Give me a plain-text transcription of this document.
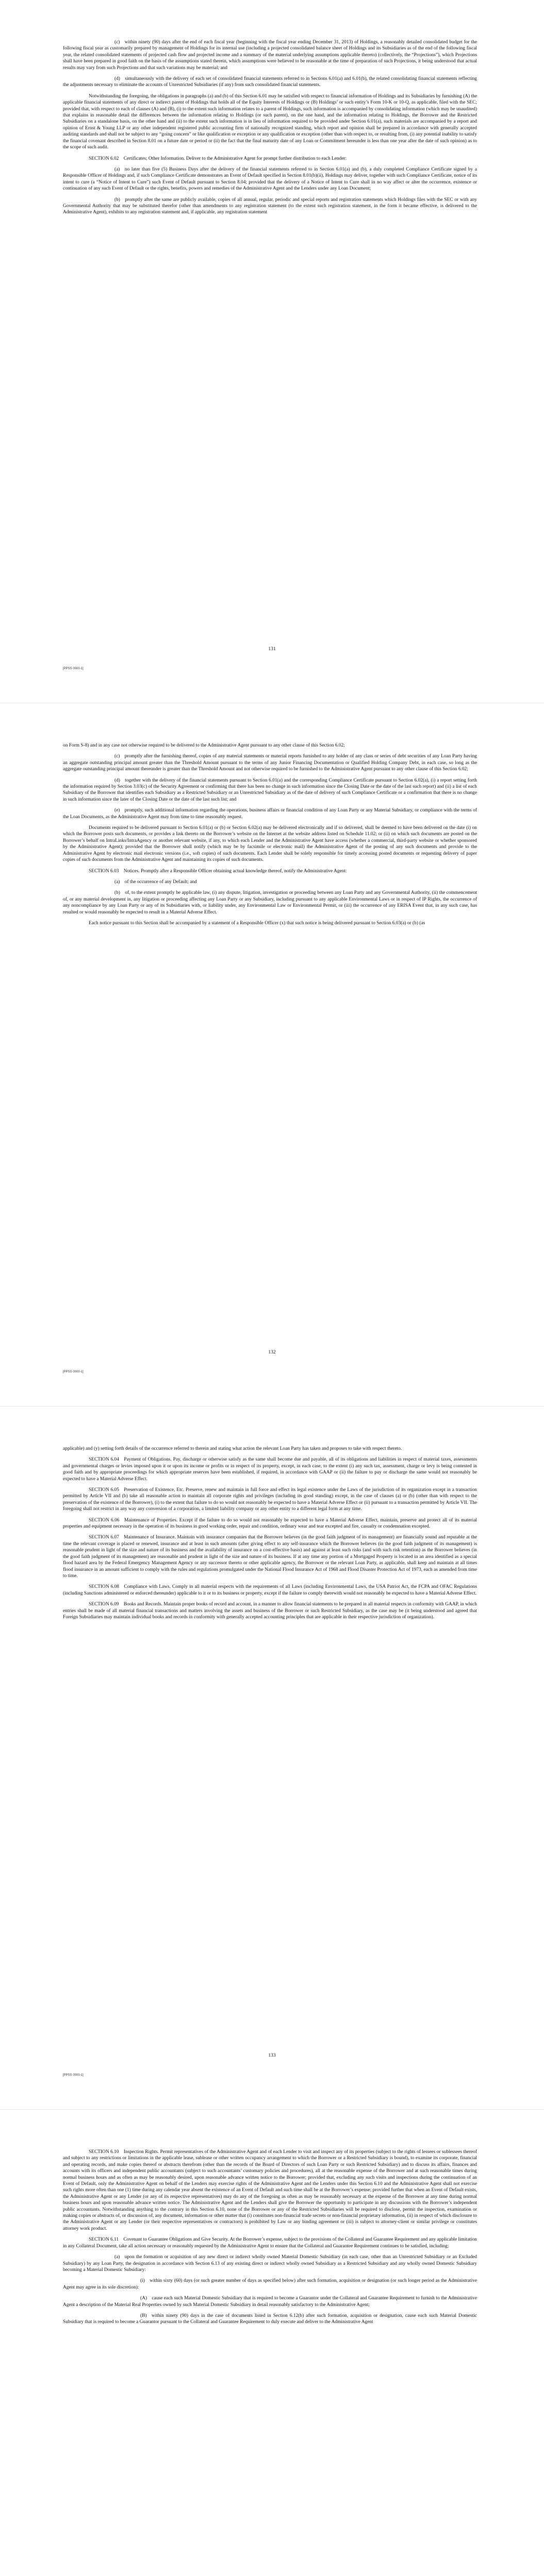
(c) within ninety (90) days after the end of each fiscal year (beginning with the fiscal year ending December 31, 2013) of Holdings, a reasonably detailed consolidated budget for the following fiscal year as customarily prepared by management of Holdings for its internal use (including a projected consolidated balance sheet of Holdings and its Subsidiaries as of the end of the following fiscal year, the related consolidated statements of projected cash flow and projected income and a summary of the material underlying assumptions applicable thereto) (collectively, the “Projections”), which Projections shall have been prepared in good faith on the basis of the assumptions stated therein, which assumptions were believed to be reasonable at the time of preparation of such Projections, it being understood that actual results may vary from such Projections and that such variations may be material; and

(d) simultaneously with the delivery of each set of consolidated financial statements referred to in Sections 6.01(a) and 6.01(b), the related consolidating financial statements reflecting the adjustments necessary to eliminate the accounts of Unrestricted Subsidiaries (if any) from such consolidated financial statements.

Notwithstanding the foregoing, the obligations in paragraphs (a) and (b) of this Section 6.01 may be satisfied with respect to financial information of Holdings and its Subsidiaries by furnishing (A) the applicable financial statements of any direct or indirect parent of Holdings that holds all of the Equity Interests of Holdings or (B) Holdings’ or such entity’s Form 10-K or 10-Q, as applicable, filed with the SEC; provided that, with respect to each of clauses (A) and (B), (i) to the extent such information relates to a parent of Holdings, such information is accompanied by consolidating information (which may be unaudited) that explains in reasonable detail the differences between the information relating to Holdings (or such parent), on the one hand, and the information relating to Holdings, the Borrower and the Restricted Subsidiaries on a standalone basis, on the other hand and (ii) to the extent such information is in lieu of information required to be provided under Section 6.01(a), such materials are accompanied by a report and opinion of Ernst & Young LLP or any other independent registered public accounting firm of nationally recognized standing, which report and opinion shall be prepared in accordance with generally accepted auditing standards and shall not be subject to any “going concern” or like qualification or exception or any qualification or exception (other than with respect to, or resulting from, (i) any potential inability to satisfy the financial covenant described in Section 8.01 on a future date or period or (ii) the fact that the final maturity date of any Loan or Commitment hereunder is less than one year after the date of such opinion) as to the scope of such audit.

SECTION 6.02 Certificates; Other Information. Deliver to the Administrative Agent for prompt further distribution to each Lender:

(a) no later than five (5) Business Days after the delivery of the financial statements referred to in Section 6.01(a) and (b), a duly completed Compliance Certificate signed by a Responsible Officer of Holdings and, if such Compliance Certificate demonstrates an Event of Default specified in Section 8.01(b)(ii), Holdings may deliver, together with such Compliance Certificate, notice of its intent to cure (a “Notice of Intent to Cure”) such Event of Default pursuant to Section 8.04; provided that the delivery of a Notice of Intent to Cure shall in no way affect or alter the occurrence, existence or continuation of any such Event of Default or the rights, benefits, powers and remedies of the Administrative Agent and the Lenders under any Loan Document;

(b) promptly after the same are publicly available, copies of all annual, regular, periodic and special reports and registration statements which Holdings files with the SEC or with any Governmental Authority that may be substituted therefor (other than amendments to any registration statement (to the extent such registration statement, in the form it became effective, is delivered to the Administrative Agent), exhibits to any registration statement and, if applicable, any registration statement

131
[PPSS 0000-1]

on Form S-8) and in any case not otherwise required to be delivered to the Administrative Agent pursuant to any other clause of this Section 6.02;

(c) promptly after the furnishing thereof, copies of any material statements or material reports furnished to any holder of any class or series of debt securities of any Loan Party having an aggregate outstanding principal amount greater than the Threshold Amount pursuant to the terms of any Junior Financing Documentation or Qualified Holding Company Debt, in each case, so long as the aggregate outstanding principal amount thereunder is greater than the Threshold Amount and not otherwise required to be furnished to the Administrative Agent pursuant to any other clause of this Section 6.02;

(d) together with the delivery of the financial statements pursuant to Section 6.01(a) and the corresponding Compliance Certificate pursuant to Section 6.02(a), (i) a report setting forth the information required by Section 3.03(c) of the Security Agreement or confirming that there has been no change in such information since the Closing Date or the date of the last such report) and (ii) a list of each Subsidiary of the Borrower that identifies each Subsidiary as a Restricted Subsidiary or an Unrestricted Subsidiary as of the date of delivery of such Compliance Certificate or a confirmation that there is no change in such information since the later of the Closing Date or the date of the last such list; and

(e) promptly, such additional information regarding the operations, business affairs or financial condition of any Loan Party or any Material Subsidiary, or compliance with the terms of the Loan Documents, as the Administrative Agent may from time to time reasonably request.

Documents required to be delivered pursuant to Section 6.01(a) or (b) or Section 6.02(a) may be delivered electronically and if so delivered, shall be deemed to have been delivered on the date (i) on which the Borrower posts such documents, or provides a link thereto on the Borrower’s website on the Internet at the website address listed on Schedule 11.02; or (ii) on which such documents are posted on the Borrower’s behalf on IntraLinks/IntraAgency or another relevant website, if any, to which each Lender and the Administrative Agent have access (whether a commercial, third-party website or whether sponsored by the Administrative Agent); provided that the Borrower shall notify (which may be by facsimile or electronic mail) the Administrative Agent of the posting of any such documents and provide to the Administrative Agent by electronic mail electronic versions (i.e., soft copies) of such documents. Each Lender shall be solely responsible for timely accessing posted documents or requesting delivery of paper copies of such documents from the Administrative Agent and maintaining its copies of such documents.

SECTION 6.03 Notices. Promptly after a Responsible Officer obtaining actual knowledge thereof, notify the Administrative Agent:

(a) of the occurrence of any Default; and

(b) of, to the extent promptly be applicable law, (i) any dispute, litigation, investigation or proceeding between any Loan Party and any Governmental Authority, (ii) the commencement of, or any material development in, any litigation or proceeding affecting any Loan Party or any Subsidiary, including pursuant to any applicable Environmental Laws or in respect of IP Rights, the occurrence of any noncompliance by any Loan Party or any of its Subsidiaries with, or liability under, any Environmental Law or Environmental Permit, or (iii) the occurrence of any ERISA Event that, in any such case, has resulted or would reasonably be expected to result in a Material Adverse Effect.

Each notice pursuant to this Section shall be accompanied by a statement of a Responsible Officer (x) that such notice is being delivered pursuant to Section 6.03(a) or (b) (as

132
[PPSS 0000-1]

applicable) and (y) setting forth details of the occurrence referred to therein and stating what action the relevant Loan Party has taken and proposes to take with respect thereto.

SECTION 6.04 Payment of Obligations. Pay, discharge or otherwise satisfy as the same shall become due and payable, all of its obligations and liabilities in respect of material taxes, assessments and governmental charges or levies imposed upon it or upon its income or profits or in respect of its property, except, in each case, to the extent (i) any such tax, assessment, charge or levy is being contested in good faith and by appropriate proceedings for which appropriate reserves have been established, if required, in accordance with GAAP or (ii) the failure to pay or discharge the same would not reasonably be expected to have a Material Adverse Effect.

SECTION 6.05 Preservation of Existence, Etc. Preserve, renew and maintain in full force and effect its legal existence under the Laws of the jurisdiction of its organization except in a transaction permitted by Article VII and (b) take all reasonable action to maintain all corporate rights and privileges (including its good standing) except, in the case of clauses (a) or (b) (other than with respect to the preservation of the existence of the Borrower), (i) to the extent that failure to do so would not reasonably be expected to have a Material Adverse Effect or (ii) pursuant to a transaction permitted by Article VII. The foregoing shall not restrict in any way any conversion of a corporation, a limited liability company or any other entity to a different legal form at any time.

SECTION 6.06 Maintenance of Properties. Except if the failure to do so would not reasonably be expected to have a Material Adverse Effect, maintain, preserve and protect all of its material properties and equipment necessary in the operation of its business in good working order, repair and condition, ordinary wear and tear excepted and fire, casualty or condemnation excepted.

SECTION 6.07 Maintenance of Insurance. Maintain with insurance companies that the Borrower believes (in the good faith judgment of its management) are financially sound and reputable at the time the relevant coverage is placed or renewed, insurance and at least in such amounts (after giving effect to any self-insurance which the Borrower believes (in the good faith judgment of its management) is reasonable prudent in light of the size and nature of its business and the availability of insurance on a cost-effective basis) and against at least such risks (and with such risk retention) as the Borrower believes (in the good faith judgment of its management) are reasonable and prudent in light of the size and nature of its business. If at any time any portion of a Mortgaged Property is located in an area identified as a special flood hazard area by the Federal Emergency Management Agency or any successor thereto or other applicable agency, the Borrower or the relevant Loan Party, as applicable, shall keep and maintain at all times flood insurance in an amount sufficient to comply with the rules and regulations promulgated under the National Flood Insurance Act of 1968 and Flood Disaster Protection Act of 1973, each as amended from time to time.

SECTION 6.08 Compliance with Laws. Comply in all material respects with the requirements of all Laws (including Environmental Laws, the USA Patriot Act, the FCPA and OFAC Regulations (including Sanctions administered or enforced thereunder) applicable to it or to its business or property, except if the failure to comply therewith would not reasonably be expected to have a Material Adverse Effect.

SECTION 6.09 Books and Records. Maintain proper books of record and account, in a manner to allow financial statements to be prepared in all material respects in conformity with GAAP, in which entries shall be made of all material financial transactions and matters involving the assets and business of the Borrower or such Restricted Subsidiary, as the case may be (it being understood and agreed that Foreign Subsidiaries may maintain individual books and records in conformity with generally accepted accounting principles that are applicable in their respective jurisdiction of organization).

133
[PPSS 0000-1]

SECTION 6.10 Inspection Rights. Permit representatives of the Administrative Agent and of each Lender to visit and inspect any of its properties (subject to the rights of lessees or sublessees thereof and subject to any restrictions or limitations in the applicable lease, sublease or other written occupancy arrangement to which the Borrower or a Restricted Subsidiary is bound), to examine its corporate, financial and operating records, and make copies thereof or abstracts therefrom (other than the records of the Board of Directors of such Loan Party or such Restricted Subsidiary) and to discuss its affairs, finances and accounts with its officers and independent public accountants (subject to such accountants’ customary policies and procedures), all at the reasonable expense of the Borrower and at such reasonable times during normal business hours and as often as may be reasonably desired, upon reasonable advance written notice to the Borrower; provided that, excluding any such visits and inspections during the continuation of an Event of Default, only the Administrative Agent on behalf of the Lenders may exercise rights of the Administrative Agent and the Lenders under this Section 6.10 and the Administrative Agent shall not exercise such rights more often than one (1) time during any calendar year absent the existence of an Event of Default and such time shall be at the Borrower’s expense; provided further that when an Event of Default exists, the Administrative Agent or any Lender (or any of its respective representatives) may do any of the foregoing as often as may be reasonably necessary at the expense of the Borrower at any time during normal business hours and upon reasonable advance written notice. The Administrative Agent and the Lenders shall give the Borrower the opportunity to participate in any discussions with the Borrower’s independent public accountants. Notwithstanding anything to the contrary in this Section 6.10, none of the Borrower or any of the Restricted Subsidiaries will be required to disclose, permit the inspection, examination or making copies or abstracts of, or discussion of, any document, information or other matter that (i) constitutes non-financial trade secrets or non-financial proprietary information, (ii) in respect of which disclosure to the Administrative Agent or any Lender (or their respective representatives or contractors) is prohibited by Law or any binding agreement or (iii) is subject to attorney-client or similar privilege or constitutes attorney work product.

SECTION 6.11 Covenant to Guarantee Obligations and Give Security. At the Borrower’s expense, subject to the provisions of the Collateral and Guarantee Requirement and any applicable limitation in any Collateral Document, take all action necessary or reasonably requested by the Administrative Agent to ensure that the Collateral and Guarantee Requirement continues to be satisfied, including:

(a) upon the formation or acquisition of any new direct or indirect wholly owned Material Domestic Subsidiary (in each case, other than an Unrestricted Subsidiary or an Excluded Subsidiary) by any Loan Party, the designation in accordance with Section 6.13 of any existing direct or indirect wholly owned Subsidiary as a Restricted Subsidiary and any wholly owned Domestic Subsidiary becoming a Material Domestic Subsidiary:

(i) within sixty (60) days (or such greater number of days as specified below) after such formation, acquisition or designation (or such longer period as the Administrative Agent may agree in its sole discretion):

(A) cause each such Material Domestic Subsidiary that is required to become a Guarantor under the Collateral and Guarantee Requirement to furnish to the Administrative Agent a description of the Material Real Properties owned by such Material Domestic Subsidiary in detail reasonably satisfactory to the Administrative Agent;

(B) within ninety (90) days in the case of documents listed in Section 6.12(b) after such formation, acquisition or designation, cause each such Material Domestic Subsidiary that is required to become a Guarantor pursuant to the Collateral and Guarantee Requirement to duly execute and deliver to the Administrative Agent
